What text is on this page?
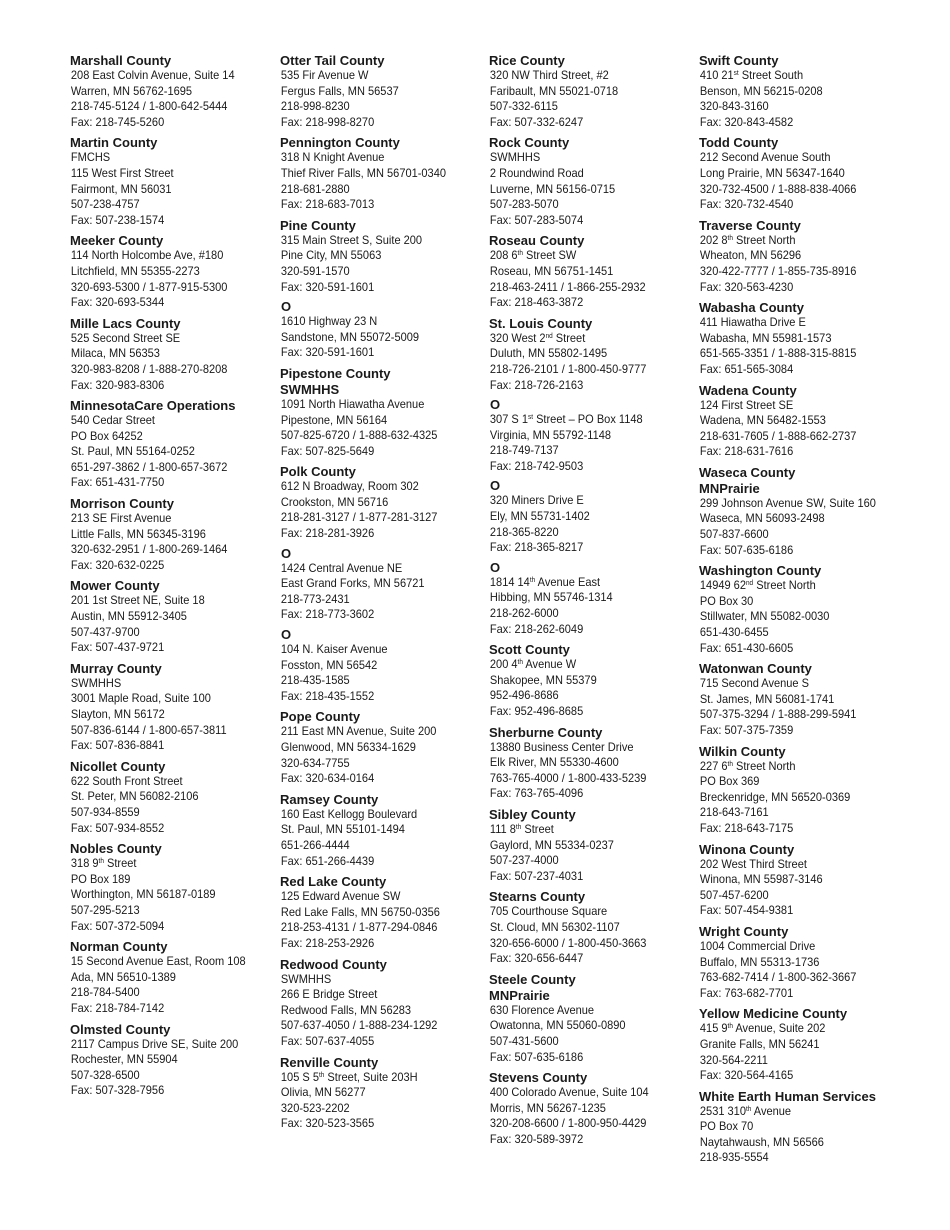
Marshall County
208 East Colvin Avenue, Suite 14
Warren, MN 56762-1695
218-745-5124 / 1-800-642-5444
Fax: 218-745-5260
Martin County
FMCHS
115 West First Street
Fairmont, MN 56031
507-238-4757
Fax: 507-238-1574
Meeker County
114 North Holcombe Ave, #180
Litchfield, MN 55355-2273
320-693-5300 / 1-877-915-5300
Fax: 320-693-5344
Mille Lacs County
525 Second Street SE
Milaca, MN 56353
320-983-8208 / 1-888-270-8208
Fax: 320-983-8306
MinnesotaCare Operations
540 Cedar Street
PO Box 64252
St. Paul, MN 55164-0252
651-297-3862 / 1-800-657-3672
Fax: 651-431-7750
Morrison County
213 SE First Avenue
Little Falls, MN 56345-3196
320-632-2951 / 1-800-269-1464
Fax: 320-632-0225
Mower County
201 1st Street NE, Suite 18
Austin, MN 55912-3405
507-437-9700
Fax: 507-437-9721
Murray County
SWMHHS
3001 Maple Road, Suite 100
Slayton, MN 56172
507-836-6144 / 1-800-657-3811
Fax: 507-836-8841
Nicollet County
622 South Front Street
St. Peter, MN 56082-2106
507-934-8559
Fax: 507-934-8552
Nobles County
318 9th Street
PO Box 189
Worthington, MN 56187-0189
507-295-5213
Fax: 507-372-5094
Norman County
15 Second Avenue East, Room 108
Ada, MN 56510-1389
218-784-5400
Fax: 218-784-7142
Olmsted County
2117 Campus Drive SE, Suite 200
Rochester, MN 55904
507-328-6500
Fax: 507-328-7956
Otter Tail County
535 Fir Avenue W
Fergus Falls, MN 56537
218-998-8230
Fax: 218-998-8270
Pennington County
318 N Knight Avenue
Thief River Falls, MN 56701-0340
218-681-2880
Fax: 218-683-7013
Pine County
315 Main Street S, Suite 200
Pine City, MN 55063
320-591-1570
Fax: 320-591-1601
O
1610 Highway 23 N
Sandstone, MN 55072-5009
Fax: 320-591-1601
Pipestone County
SWMHHS
1091 North Hiawatha Avenue
Pipestone, MN 56164
507-825-6720 / 1-888-632-4325
Fax: 507-825-5649
Polk County
612 N Broadway, Room 302
Crookston, MN 56716
218-281-3127 / 1-877-281-3127
Fax: 218-281-3926
O
1424 Central Avenue NE
East Grand Forks, MN 56721
218-773-2431
Fax: 218-773-3602
O
104 N. Kaiser Avenue
Fosston, MN 56542
218-435-1585
Fax: 218-435-1552
Pope County
211 East MN Avenue, Suite 200
Glenwood, MN 56334-1629
320-634-7755
Fax: 320-634-0164
Ramsey County
160 East Kellogg Boulevard
St. Paul, MN 55101-1494
651-266-4444
Fax: 651-266-4439
Red Lake County
125 Edward Avenue SW
Red Lake Falls, MN 56750-0356
218-253-4131 / 1-877-294-0846
Fax: 218-253-2926
Redwood County
SWMHHS
266 E Bridge Street
Redwood Falls, MN 56283
507-637-4050 / 1-888-234-1292
Fax: 507-637-4055
Renville County
105 S 5th Street, Suite 203H
Olivia, MN 56277
320-523-2202
Fax: 320-523-3565
Rice County
320 NW Third Street, #2
Faribault, MN 55021-0718
507-332-6115
Fax: 507-332-6247
Rock County
SWMHHS
2 Roundwind Road
Luverne, MN 56156-0715
507-283-5070
Fax: 507-283-5074
Roseau County
208 6th Street SW
Roseau, MN 56751-1451
218-463-2411 / 1-866-255-2932
Fax: 218-463-3872
St. Louis County
320 West 2nd Street
Duluth, MN 55802-1495
218-726-2101 / 1-800-450-9777
Fax: 218-726-2163
O
307 S 1st Street – PO Box 1148
Virginia, MN 55792-1148
218-749-7137
Fax: 218-742-9503
O
320 Miners Drive E
Ely, MN 55731-1402
218-365-8220
Fax: 218-365-8217
O
1814 14th Avenue East
Hibbing, MN 55746-1314
218-262-6000
Fax: 218-262-6049
Scott County
200 4th Avenue W
Shakopee, MN 55379
952-496-8686
Fax: 952-496-8685
Sherburne County
13880 Business Center Drive
Elk River, MN 55330-4600
763-765-4000 / 1-800-433-5239
Fax: 763-765-4096
Sibley County
111 8th Street
Gaylord, MN 55334-0237
507-237-4000
Fax: 507-237-4031
Stearns County
705 Courthouse Square
St. Cloud, MN 56302-1107
320-656-6000 / 1-800-450-3663
Fax: 320-656-6447
Steele County
MNPrairie
630 Florence Avenue
Owatonna, MN 55060-0890
507-431-5600
Fax: 507-635-6186
Stevens County
400 Colorado Avenue, Suite 104
Morris, MN 56267-1235
320-208-6600 / 1-800-950-4429
Fax: 320-589-3972
Swift County
410 21st Street South
Benson, MN 56215-0208
320-843-3160
Fax: 320-843-4582
Todd County
212 Second Avenue South
Long Prairie, MN 56347-1640
320-732-4500 / 1-888-838-4066
Fax: 320-732-4540
Traverse County
202 8th Street North
Wheaton, MN 56296
320-422-7777 / 1-855-735-8916
Fax: 320-563-4230
Wabasha County
411 Hiawatha Drive E
Wabasha, MN 55981-1573
651-565-3351 / 1-888-315-8815
Fax: 651-565-3084
Wadena County
124 First Street SE
Wadena, MN 56482-1553
218-631-7605 / 1-888-662-2737
Fax: 218-631-7616
Waseca County
MNPrairie
299 Johnson Avenue SW, Suite 160
Waseca, MN 56093-2498
507-837-6600
Fax: 507-635-6186
Washington County
14949 62nd Street North
PO Box 30
Stillwater, MN 55082-0030
651-430-6455
Fax: 651-430-6605
Watonwan County
715 Second Avenue S
St. James, MN 56081-1741
507-375-3294 / 1-888-299-5941
Fax: 507-375-7359
Wilkin County
227 6th Street North
PO Box 369
Breckenridge, MN 56520-0369
218-643-7161
Fax: 218-643-7175
Winona County
202 West Third Street
Winona, MN 55987-3146
507-457-6200
Fax: 507-454-9381
Wright County
1004 Commercial Drive
Buffalo, MN 55313-1736
763-682-7414 / 1-800-362-3667
Fax: 763-682-7701
Yellow Medicine County
415 9th Avenue, Suite 202
Granite Falls, MN 56241
320-564-2211
Fax: 320-564-4165
White Earth Human Services
2531 310th Avenue
PO Box 70
Naytahwaush, MN 56566
218-935-5554
